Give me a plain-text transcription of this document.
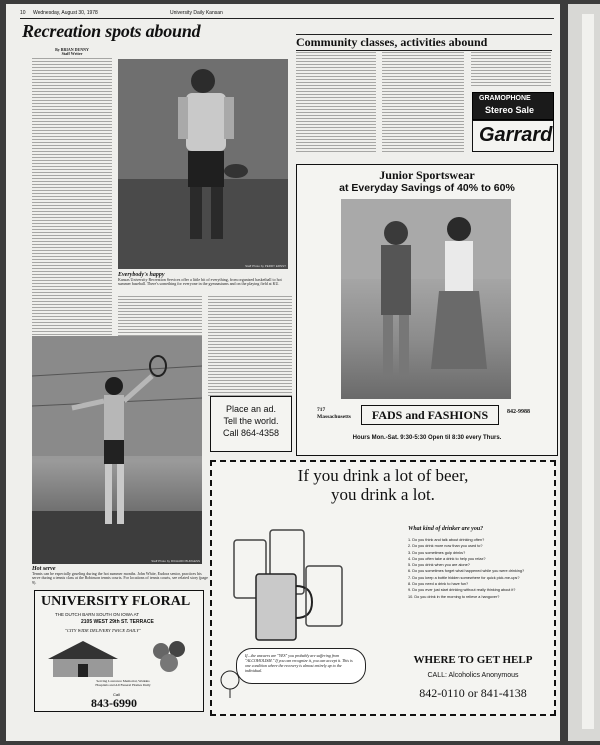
10 Wednesday, August 30, 1978	University Daily Kansan
Recreation spots abound
By BRIAN DENNY
Staff Writer
Staff Photo by PERRY ERNST
Everybody's happy
Kansas University Recreation Services offer a little bit of everything, from organized basketball to hot summer baseball. There's something for everyone in the gymnasiums and on the playing field at KU.
Staff Photo by RICHARD BURGESS
Hot serve
Tennis can be especially grueling during the hot summer months. John White, Eudora senior, practices his serve during a tennis class at the Robinson tennis courts. For locations of tennis courts, see related story (page 9).
UNIVERSITY FLORAL
THE DUTCH BARN SOUTH ON IOWA AT
2105 WEST 29th ST. TERRACE
"CITY WIDE DELIVERY TWICE DAILY"
Serving Lawrence Memorial, Watkins Hospitals and All Funeral Homes Daily
Call
843-6990
Community classes, activities abound
GRAMOPHONE
Stereo Sale
Garrard
Junior Sportswear
at Everyday Savings of 40% to 60%
717
Massachusetts	FADS and FASHIONS	842-9988
Hours Mon.-Sat. 9:30-5:30 Open til 8:30 every Thurs.
Place an ad.
Tell the world.
Call 864-4358
If you drink a lot of beer,
you drink a lot.
What kind of drinker are you?
1. Do you think and talk about drinking often?
2. Do you drink more now than you used to?
3. Do you sometimes gulp drinks?
4. Do you often take a drink to help you relax?
5. Do you drink when you are alone?
6. Do you sometimes forget what happened while you were drinking?
7. Do you keep a bottle hidden somewhere for quick pick-me-ups?
8. Do you need a drink to have fun?
9. Do you ever just start drinking without really thinking about it?
10. Do you drink in the morning to relieve a hangover?
If—the answers are "YES" you probably are suffering from "ALCOHOLISM." If you can recognize it, you can accept it. This is one condition where the recovery is almost entirely up to the individual.
WHERE TO GET HELP
CALL: Alcoholics Anonymous
842-0110 or 841-4138
